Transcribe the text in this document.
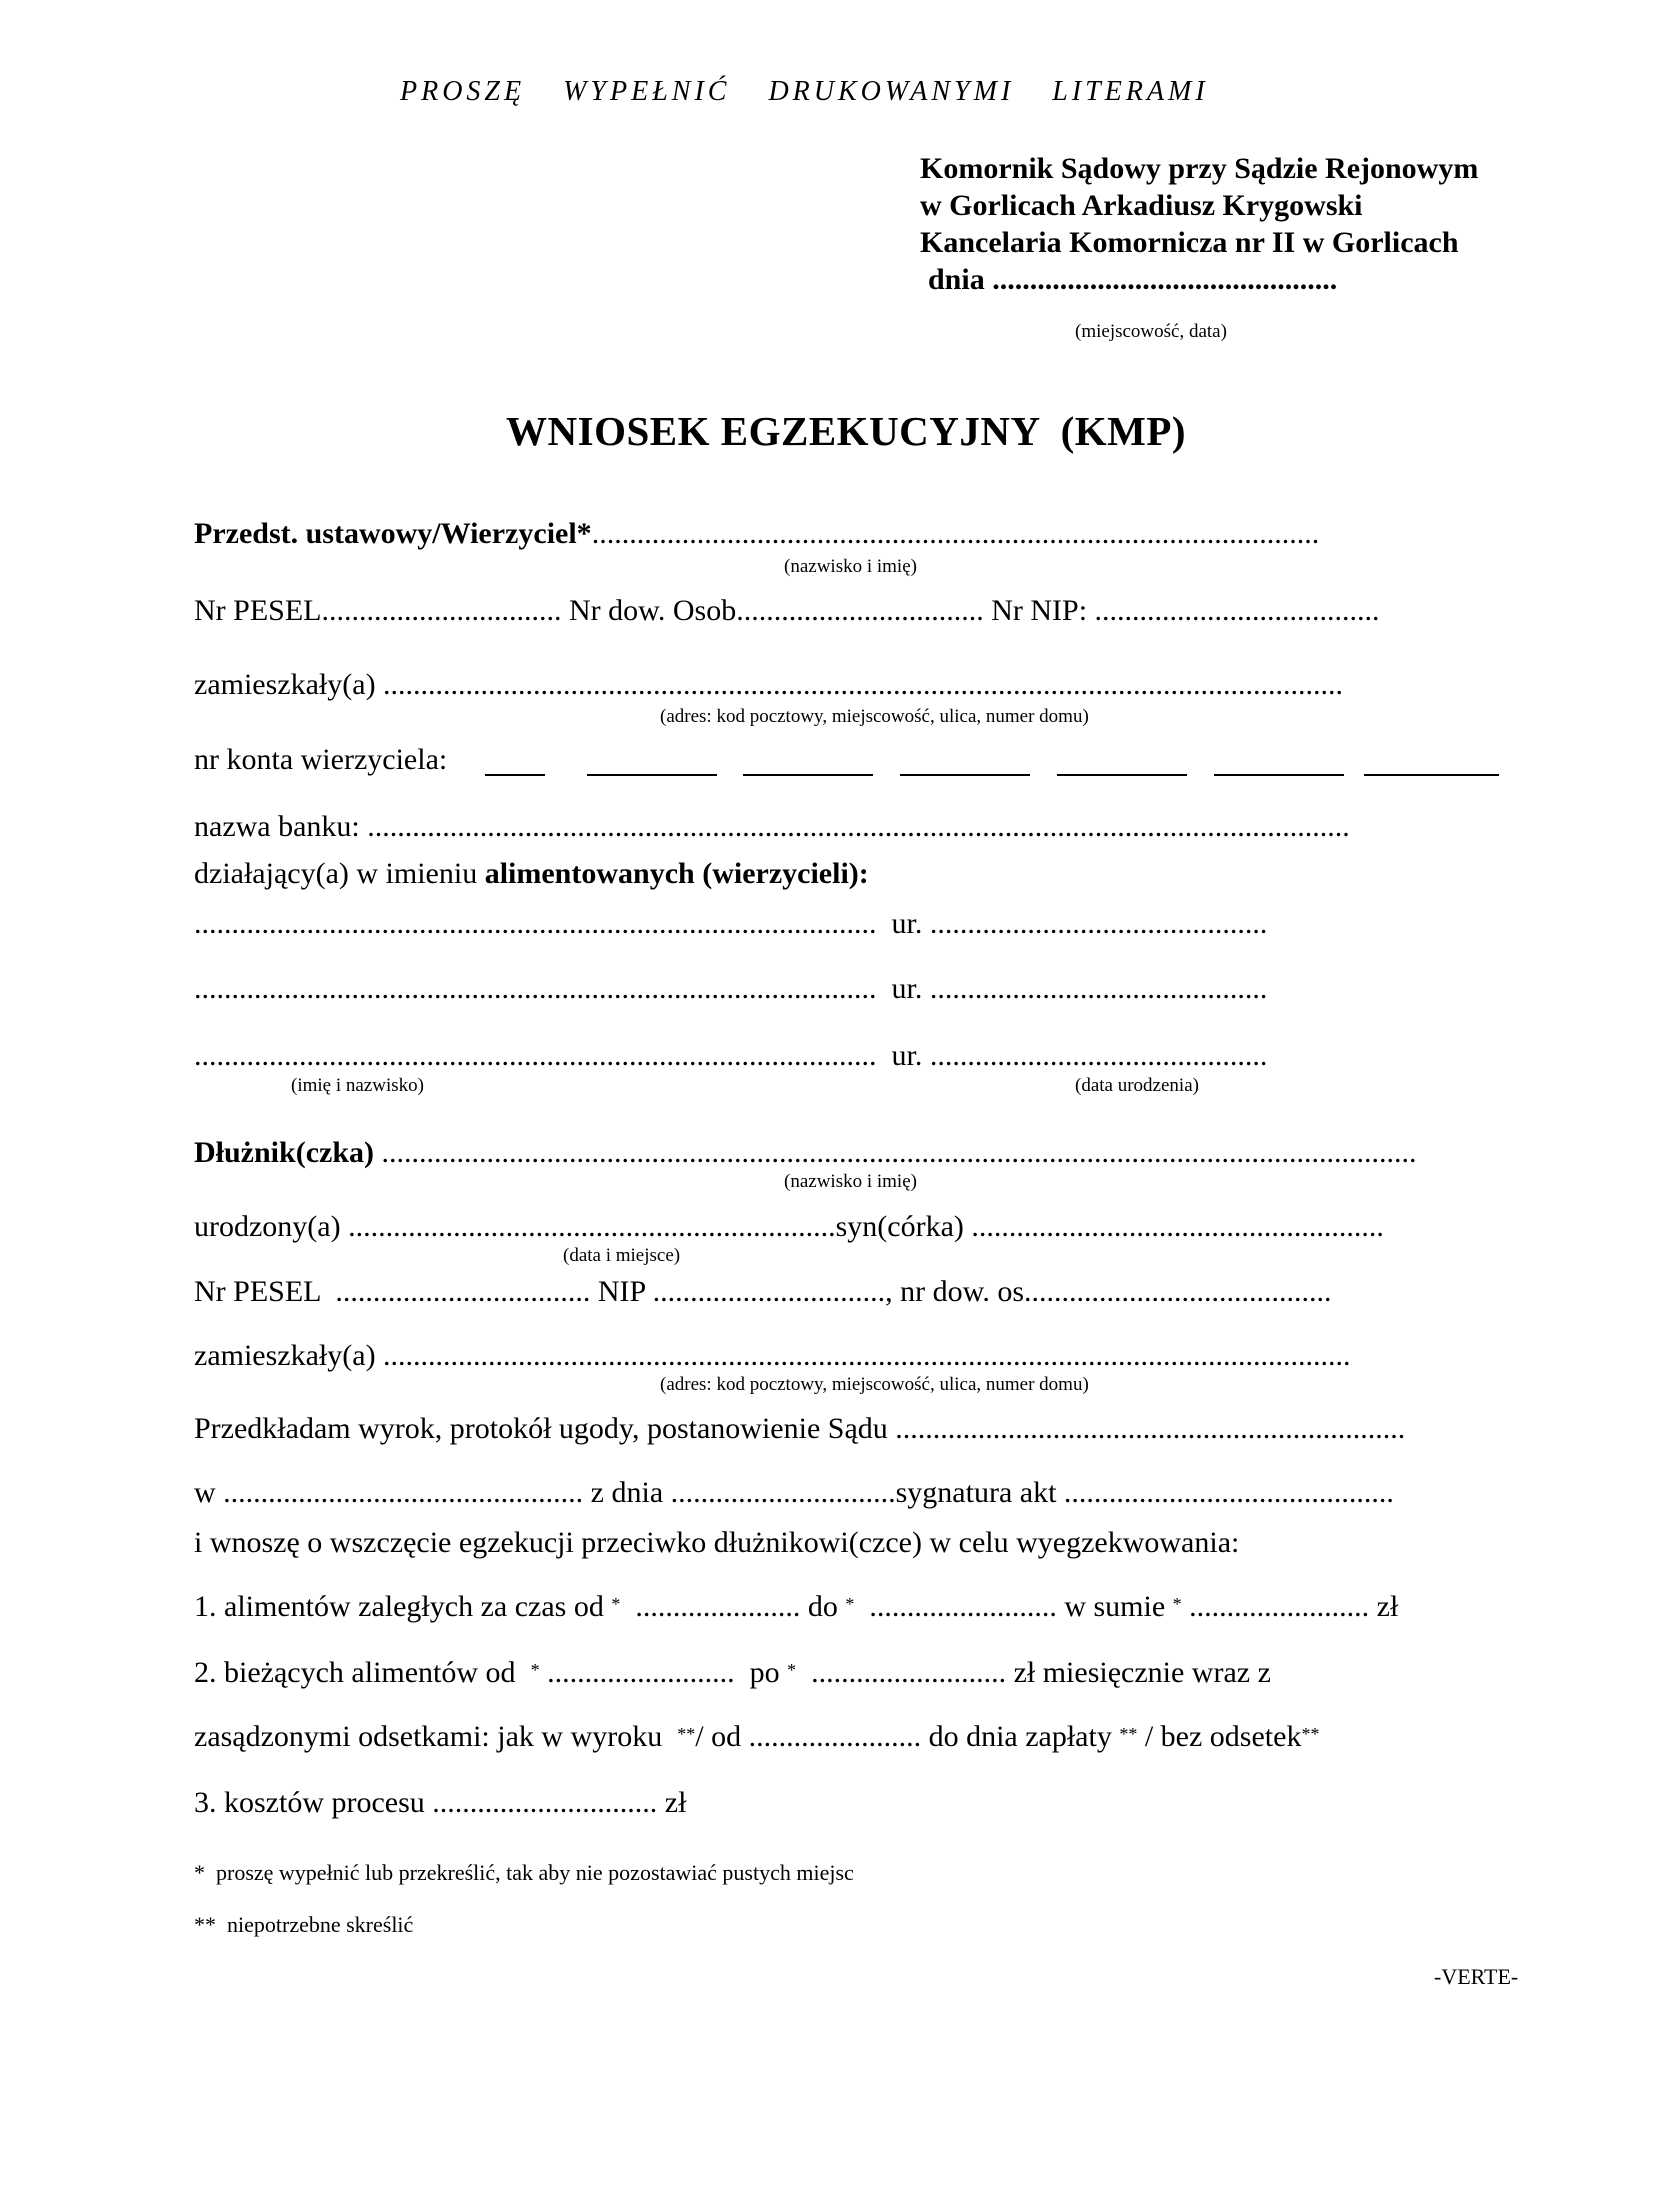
PROSZĘ  WYPEŁNIĆ  DRUKOWANYMI  LITERAMI
Komornik Sądowy przy Sądzie Rejonowym
w Gorlicach Arkadiusz Krygowski
Kancelaria Komornicza nr II w Gorlicach
dnia ..............................................
(miejscowość, data)
WNIOSEK EGZEKUCYJNY  (KMP)
Przedst. ustawowy/Wierzyciel*.................................................................................................
(nazwisko i imię)
Nr PESEL................................ Nr dow. Osob................................. Nr NIP: ......................................
zamieszkały(a) ................................................................................................................................
(adres: kod pocztowy, miejscowość, ulica, numer domu)
nr konta wierzyciela:
nazwa banku: ...................................................................................................................................
działający(a) w imieniu alimentowanych (wierzycieli):
...........................................................................................  ur. .............................................
...........................................................................................  ur. .............................................
...........................................................................................  ur. .............................................
(imię i nazwisko)	(data urodzenia)
Dłużnik(czka) ..........................................................................................................................................
(nazwisko i imię)
urodzony(a) .................................................................syn(córka) .......................................................
(data i miejsce)
Nr PESEL  .................................. NIP ..............................., nr dow. os.........................................
zamieszkały(a) .................................................................................................................................
(adres: kod pocztowy, miejscowość, ulica, numer domu)
Przedkładam wyrok, protokół ugody, postanowienie Sądu ....................................................................
w ................................................ z dnia ..............................sygnatura akt ............................................
i wnoszę o wszczęcie egzekucji przeciwko dłużnikowi(czce) w celu wyegzekwowania:
1. alimentów zaległych za czas od *  ...................... do *  ......................... w sumie * ........................ zł
2. bieżących alimentów od  * .........................  po *  .......................... zł miesięcznie wraz z
zasądzonymi odsetkami: jak w wyroku  **/ od ....................... do dnia zapłaty ** / bez odsetek**
3. kosztów procesu .............................. zł
*  proszę wypełnić lub przekreślić, tak aby nie pozostawiać pustych miejsc
**  niepotrzebne skreślić
-VERTE-
